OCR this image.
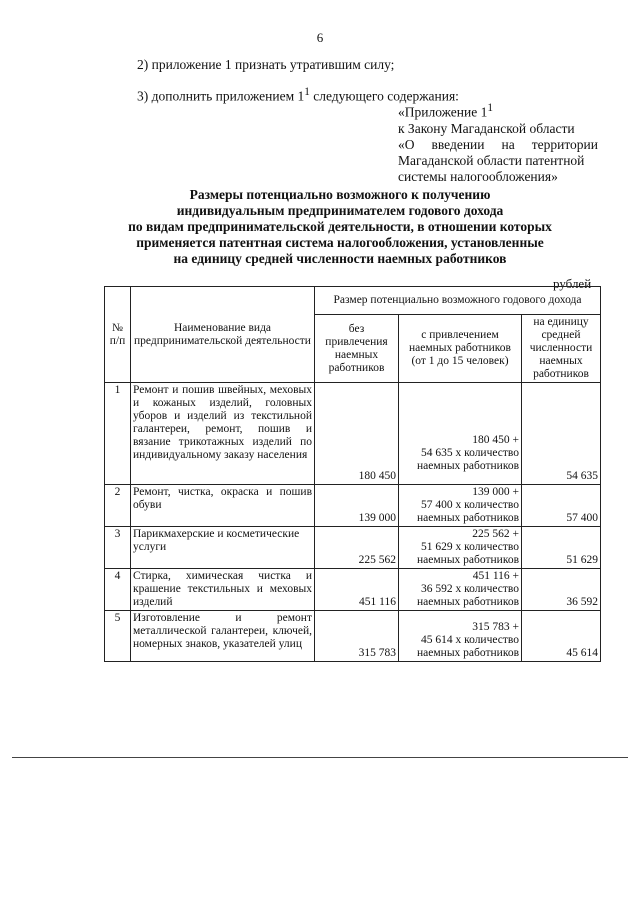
6
2) приложение 1 признать утратившим силу;
3) дополнить приложением $1^1$ следующего содержания:
«Приложение $1^1$
к Закону Магаданской области
«О введении на территории
Магаданской области патентной
системы налогообложения»
Размеры потенциально возможного к получению
индивидуальным предпринимателем годового дохода
по видам предпринимательской деятельности, в отношении которых
применяется патентная система налогообложения, установленные
на единицу средней численности наемных работников
рублей
№ п/п	Наименование вида предпринимательской деятельности	Размер потенциально возможного годового дохода		
		без привлечения наемных работников	с привлечением наемных работников (от 1 до 15 человек)	на единицу средней численности наемных работников
1	Ремонт и пошив швейных, меховых и кожаных изделий, головных уборов и изделий из текстильной галантереи, ремонт, пошив и вязание трикотажных изделий по индивидуальному заказу населения	180 450	180 450 +
54 635 х количество
наемных работников	54 635
2	Ремонт, чистка, окраска и пошив обуви	139 000	139 000 +
57 400 х количество
наемных работников	57 400
3	Парикмахерские и косметические услуги	225 562	225 562 +
51 629 х количество
наемных работников	51 629
4	Стирка, химическая чистка и крашение текстильных и меховых изделий	451 116	451 116 +
36 592 х количество
наемных работников	36 592
5	Изготовление и ремонт металлической галантереи, ключей, номерных знаков, указателей улиц	315 783	315 783 +
45 614 х количество
наемных работников	45 614
